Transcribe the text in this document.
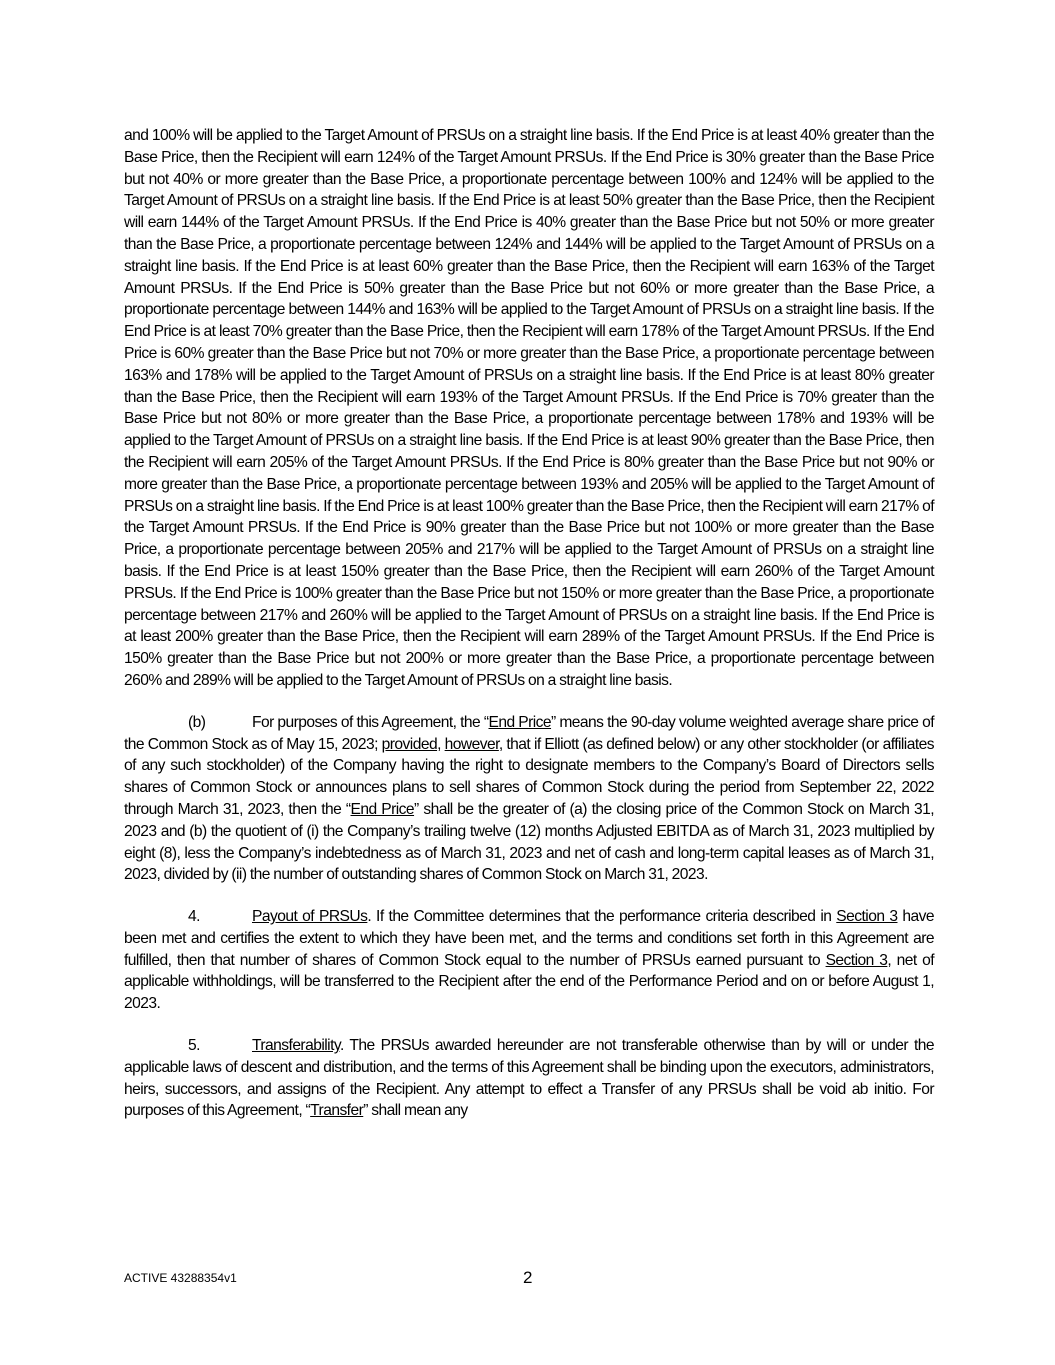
and 100% will be applied to the Target Amount of PRSUs on a straight line basis. If the End Price is at least 40% greater than the Base Price, then the Recipient will earn 124% of the Target Amount PRSUs. If the End Price is 30% greater than the Base Price but not 40% or more greater than the Base Price, a proportionate percentage between 100% and 124% will be applied to the Target Amount of PRSUs on a straight line basis. If the End Price is at least 50% greater than the Base Price, then the Recipient will earn 144% of the Target Amount PRSUs. If the End Price is 40% greater than the Base Price but not 50% or more greater than the Base Price, a proportionate percentage between 124% and 144% will be applied to the Target Amount of PRSUs on a straight line basis. If the End Price is at least 60% greater than the Base Price, then the Recipient will earn 163% of the Target Amount PRSUs. If the End Price is 50% greater than the Base Price but not 60% or more greater than the Base Price, a proportionate percentage between 144% and 163% will be applied to the Target Amount of PRSUs on a straight line basis. If the End Price is at least 70% greater than the Base Price, then the Recipient will earn 178% of the Target Amount PRSUs. If the End Price is 60% greater than the Base Price but not 70% or more greater than the Base Price, a proportionate percentage between 163% and 178% will be applied to the Target Amount of PRSUs on a straight line basis. If the End Price is at least 80% greater than the Base Price, then the Recipient will earn 193% of the Target Amount PRSUs. If the End Price is 70% greater than the Base Price but not 80% or more greater than the Base Price, a proportionate percentage between 178% and 193% will be applied to the Target Amount of PRSUs on a straight line basis. If the End Price is at least 90% greater than the Base Price, then the Recipient will earn 205% of the Target Amount PRSUs. If the End Price is 80% greater than the Base Price but not 90% or more greater than the Base Price, a proportionate percentage between 193% and 205% will be applied to the Target Amount of PRSUs on a straight line basis. If the End Price is at least 100% greater than the Base Price, then the Recipient will earn 217% of the Target Amount PRSUs. If the End Price is 90% greater than the Base Price but not 100% or more greater than the Base Price, a proportionate percentage between 205% and 217% will be applied to the Target Amount of PRSUs on a straight line basis. If the End Price is at least 150% greater than the Base Price, then the Recipient will earn 260% of the Target Amount PRSUs. If the End Price is 100% greater than the Base Price but not 150% or more greater than the Base Price, a proportionate percentage between 217% and 260% will be applied to the Target Amount of PRSUs on a straight line basis. If the End Price is at least 200% greater than the Base Price, then the Recipient will earn 289% of the Target Amount PRSUs. If the End Price is 150% greater than the Base Price but not 200% or more greater than the Base Price, a proportionate percentage between 260% and 289% will be applied to the Target Amount of PRSUs on a straight line basis.

(b)	For purposes of this Agreement, the “End Price” means the 90-day volume weighted average share price of the Common Stock as of May 15, 2023; provided, however, that if Elliott (as defined below) or any other stockholder (or affiliates of any such stockholder) of the Company having the right to designate members to the Company’s Board of Directors sells shares of Common Stock or announces plans to sell shares of Common Stock during the period from September 22, 2022 through March 31, 2023, then the “End Price” shall be the greater of (a) the closing price of the Common Stock on March 31, 2023 and (b) the quotient of (i) the Company’s trailing twelve (12) months Adjusted EBITDA as of March 31, 2023 multiplied by eight (8), less the Company’s indebtedness as of March 31, 2023 and net of cash and long-term capital leases as of March 31, 2023, divided by (ii) the number of outstanding shares of Common Stock on March 31, 2023.

4.	Payout of PRSUs. If the Committee determines that the performance criteria described in Section 3 have been met and certifies the extent to which they have been met, and the terms and conditions set forth in this Agreement are fulfilled, then that number of shares of Common Stock equal to the number of PRSUs earned pursuant to Section 3, net of applicable withholdings, will be transferred to the Recipient after the end of the Performance Period and on or before August 1, 2023.

5.	Transferability. The PRSUs awarded hereunder are not transferable otherwise than by will or under the applicable laws of descent and distribution, and the terms of this Agreement shall be binding upon the executors, administrators, heirs, successors, and assigns of the Recipient. Any attempt to effect a Transfer of any PRSUs shall be void ab initio. For purposes of this Agreement, “Transfer” shall mean any

ACTIVE 43288354v1	2
